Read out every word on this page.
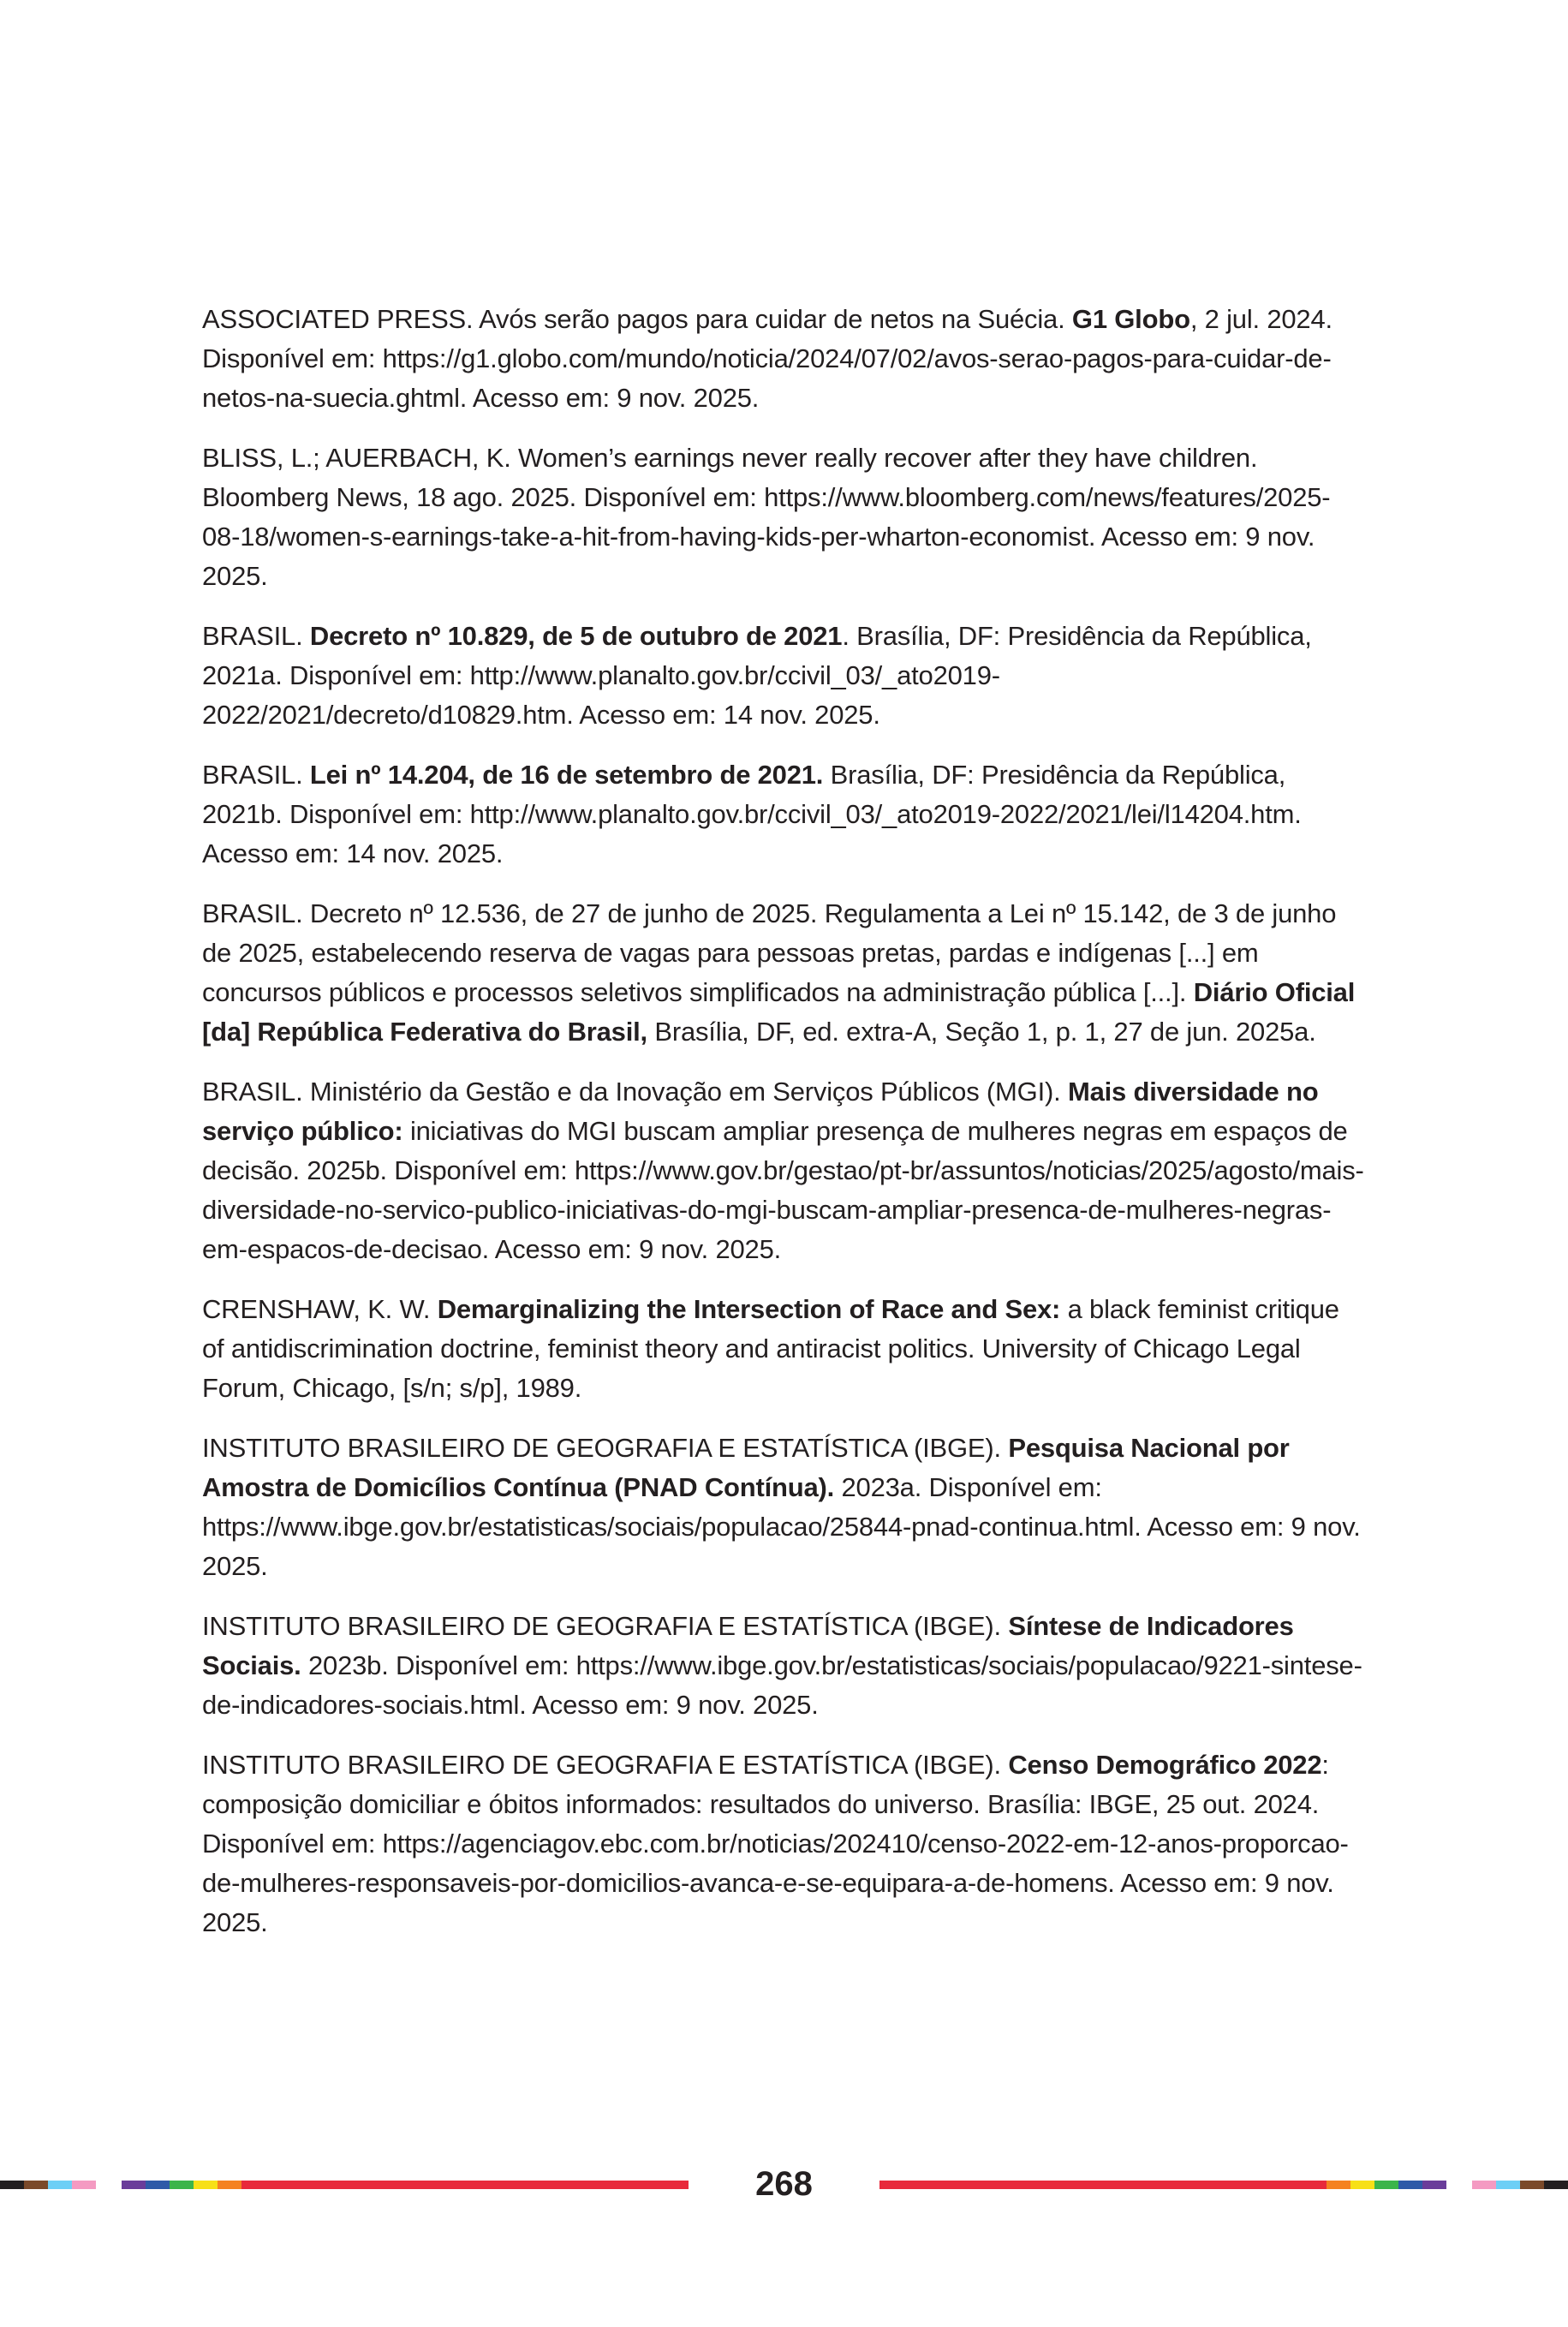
ASSOCIATED PRESS. Avós serão pagos para cuidar de netos na Suécia. G1 Globo, 2 jul. 2024. Disponível em: https://g1.globo.com/mundo/noticia/2024/07/02/avos-serao-pagos-para-cuidar-de-netos-na-suecia.ghtml. Acesso em: 9 nov. 2025.

BLISS, L.; AUERBACH, K. Women’s earnings never really recover after they have children. Bloomberg News, 18 ago. 2025. Disponível em: https://www.bloomberg.com/news/features/2025-08-18/women-s-earnings-take-a-hit-from-having-kids-per-wharton-economist. Acesso em: 9 nov. 2025.

BRASIL. Decreto nº 10.829, de 5 de outubro de 2021. Brasília, DF: Presidência da República, 2021a. Disponível em: http://www.planalto.gov.br/ccivil_03/_ato2019-2022/2021/decreto/d10829.htm. Acesso em: 14 nov. 2025.

BRASIL. Lei nº 14.204, de 16 de setembro de 2021. Brasília, DF: Presidência da República, 2021b. Disponível em: http://www.planalto.gov.br/ccivil_03/_ato2019-2022/2021/lei/l14204.htm. Acesso em: 14 nov. 2025.

BRASIL. Decreto nº 12.536, de 27 de junho de 2025. Regulamenta a Lei nº 15.142, de 3 de junho de 2025, estabelecendo reserva de vagas para pessoas pretas, pardas e indígenas [...] em concursos públicos e processos seletivos simplificados na administração pública [...]. Diário Oficial [da] República Federativa do Brasil, Brasília, DF, ed. extra-A, Seção 1, p. 1, 27 de jun. 2025a.

BRASIL. Ministério da Gestão e da Inovação em Serviços Públicos (MGI). Mais diversidade no serviço público: iniciativas do MGI buscam ampliar presença de mulheres negras em espaços de decisão. 2025b. Disponível em: https://www.gov.br/gestao/pt-br/assuntos/noticias/2025/agosto/mais-diversidade-no-servico-publico-iniciativas-do-mgi-buscam-ampliar-presenca-de-mulheres-negras-em-espacos-de-decisao. Acesso em: 9 nov. 2025.

CRENSHAW, K. W. Demarginalizing the Intersection of Race and Sex: a black feminist critique of antidiscrimination doctrine, feminist theory and antiracist politics. University of Chicago Legal Forum, Chicago, [s/n; s/p], 1989.

INSTITUTO BRASILEIRO DE GEOGRAFIA E ESTATÍSTICA (IBGE). Pesquisa Nacional por Amostra de Domicílios Contínua (PNAD Contínua). 2023a. Disponível em: https://www.ibge.gov.br/estatisticas/sociais/populacao/25844-pnad-continua.html. Acesso em: 9 nov. 2025.

INSTITUTO BRASILEIRO DE GEOGRAFIA E ESTATÍSTICA (IBGE). Síntese de Indicadores Sociais. 2023b. Disponível em: https://www.ibge.gov.br/estatisticas/sociais/populacao/9221-sintese-de-indicadores-sociais.html. Acesso em: 9 nov. 2025.

INSTITUTO BRASILEIRO DE GEOGRAFIA E ESTATÍSTICA (IBGE). Censo Demográfico 2022: composição domiciliar e óbitos informados: resultados do universo. Brasília: IBGE, 25 out. 2024. Disponível em: https://agenciagov.ebc.com.br/noticias/202410/censo-2022-em-12-anos-proporcao-de-mulheres-responsaveis-por-domicilios-avanca-e-se-equipara-a-de-homens. Acesso em: 9 nov. 2025.

268
